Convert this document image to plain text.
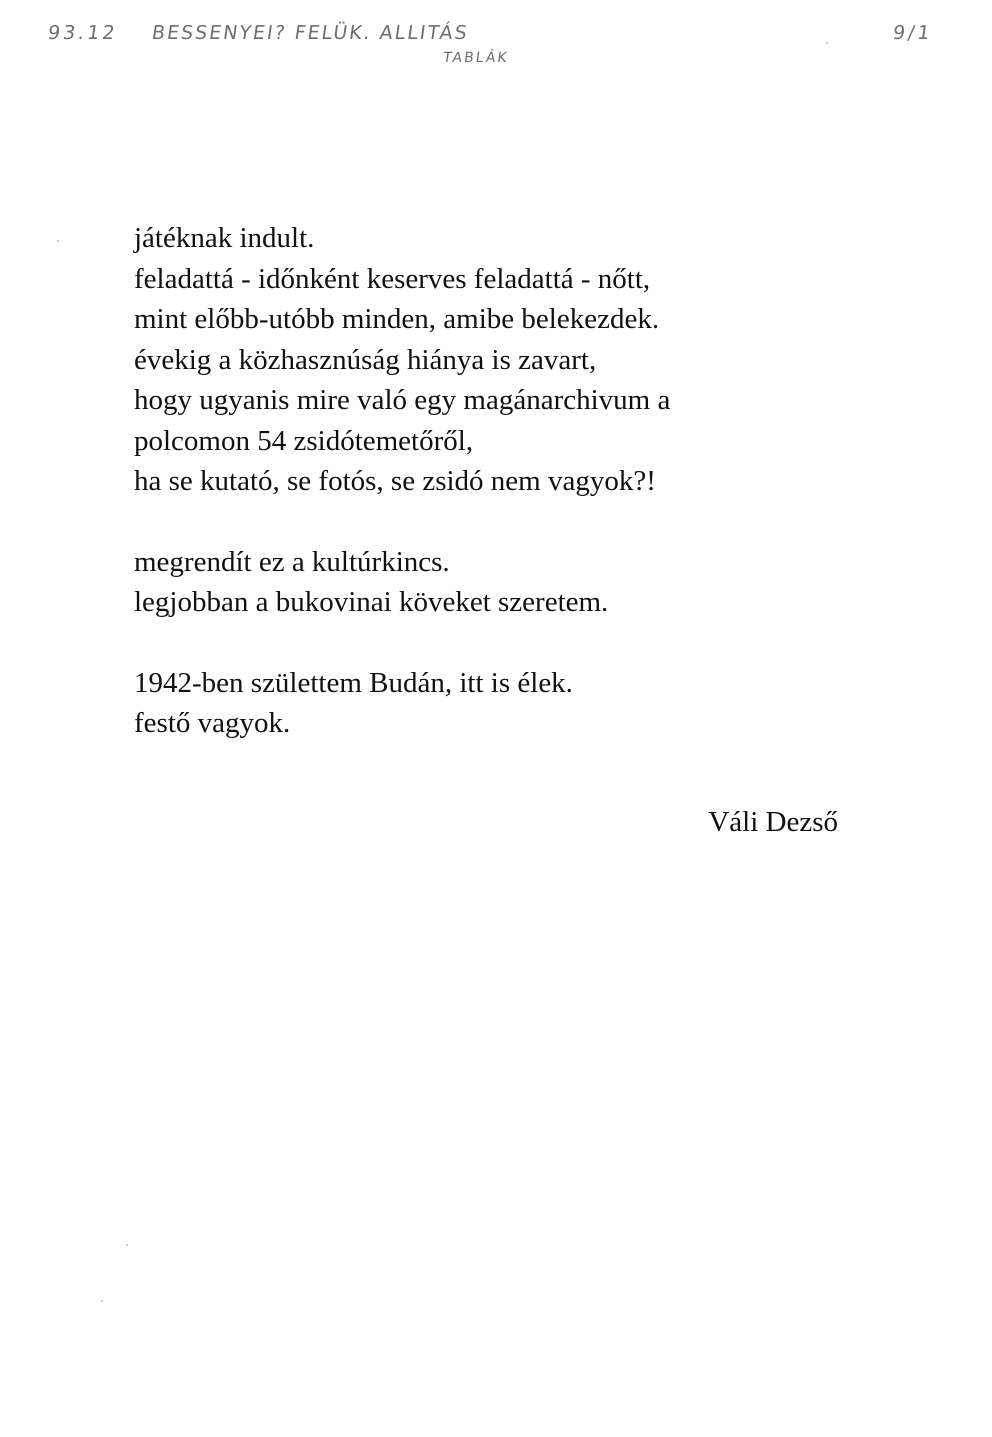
93.12 BESSENYEI? FELÜK. ALLITÁS
TABLÁK
9/1
játéknak indult.
feladattá - időnként keserves feladattá - nőtt,
mint előbb-utóbb minden, amibe belekezdek.
évekig a közhasznúság hiánya is zavart,
hogy ugyanis mire való egy magánarchivum a
polcomon 54 zsidótemetőről,
ha se kutató, se fotós, se zsidó nem vagyok?!
megrendít ez a kultúrkincs.
legjobban a bukovinai köveket szeretem.
1942-ben születtem Budán, itt is élek.
festő vagyok.
Váli Dezső
